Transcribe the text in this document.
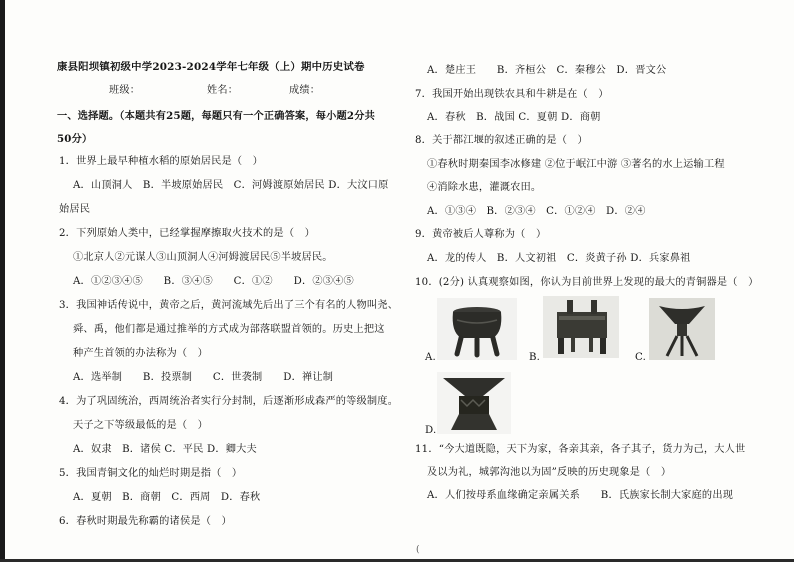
康县阳坝镇初级中学2023-2024学年七年级（上）期中历史试卷
班级：	姓名：	成绩：
一、选择题。（本题共有25题，每题只有一个正确答案，每小题2分共
50分）
1．世界上最早种植水稻的原始居民是（　）
A．山顶洞人　B．半坡原始居民　C．河姆渡原始居民 D．大汶口原
始居民
2．下列原始人类中，已经掌握摩擦取火技术的是（　）
①北京人②元谋人③山顶洞人④河姆渡居民⑤半坡居民。
A．①②③④⑤　　B．③④⑤　　C．①②　　D．②③④⑤
3．我国神话传说中，黄帝之后，黄河流域先后出了三个有名的人物叫尧、
舜、禹，他们都是通过推举的方式成为部落联盟首领的。历史上把这
种产生首领的办法称为（　）
A．选举制　　B．投票制　　C．世袭制　　D．禅让制
4．为了巩固统治，西周统治者实行分封制，后逐渐形成森严的等级制度。
天子之下等级最低的是（　）
A．奴隶　B．诸侯 C．平民 D．卿大夫
5．我国青铜文化的灿烂时期是指（　）
A．夏朝　B．商朝　C．西周　D．春秋
6．春秋时期最先称霸的诸侯是（　）
A．楚庄王　　B．齐桓公　C．秦穆公　D．晋文公
7．我国开始出现铁农具和牛耕是在（　）
A．春秋　B．战国 C．夏朝 D．商朝
8．关于都江堰的叙述正确的是（　）
①春秋时期秦国李冰修建 ②位于岷江中游 ③著名的水上运输工程
④消除水患，灌溉农田。
A．①③④　B．②③④　C．①②④　D．②④
9．黄帝被后人尊称为（　）
A．龙的传人　B．人文初祖　C．炎黄子孙 D．兵家鼻祖
10．(2分) 认真观察如图，你认为目前世界上发现的最大的青铜器是（　）
A.	B.	C.
D.
11．“今大道既隐，天下为家，各亲其亲，各子其子，货力为己，大人世
及以为礼，城郭沟池以为固”反映的历史现象是（　）
A．人们按母系血缘确定亲属关系　　B．氏族家长制大家庭的出现
(
